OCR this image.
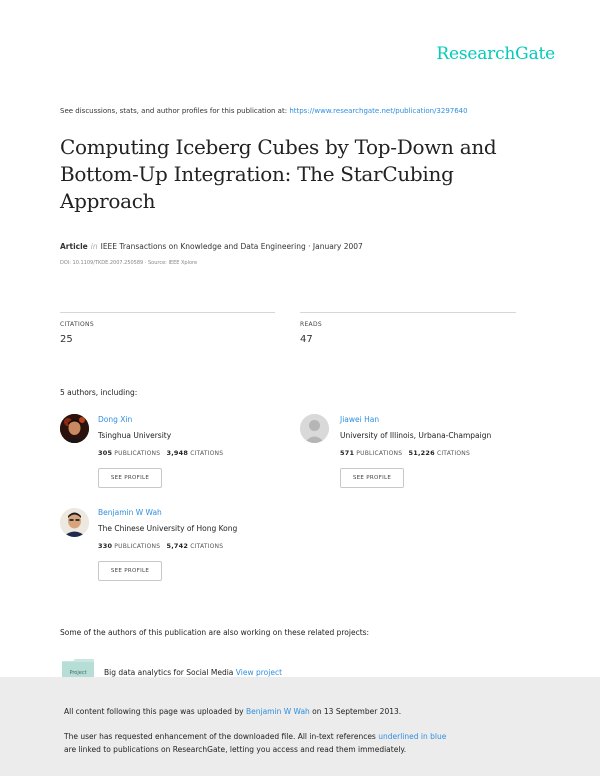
ResearchGate
See discussions, stats, and author profiles for this publication at: https://www.researchgate.net/publication/3297640
Computing Iceberg Cubes by Top-Down and Bottom-Up Integration: The StarCubing Approach
Article in IEEE Transactions on Knowledge and Data Engineering · January 2007
DOI: 10.1109/TKDE.2007.250589 · Source: IEEE Xplore
CITATIONS
25
READS
47
5 authors, including:
Dong Xin
Tsinghua University
305 PUBLICATIONS 3,948 CITATIONS
SEE PROFILE
Jiawei Han
University of Illinois, Urbana-Champaign
571 PUBLICATIONS 51,226 CITATIONS
SEE PROFILE
Benjamin W Wah
The Chinese University of Hong Kong
330 PUBLICATIONS 5,742 CITATIONS
SEE PROFILE
Some of the authors of this publication are also working on these related projects:
Project Big data analytics for Social Media View project
All content following this page was uploaded by Benjamin W Wah on 13 September 2013.
The user has requested enhancement of the downloaded file. All in-text references underlined in blue
are linked to publications on ResearchGate, letting you access and read them immediately.
